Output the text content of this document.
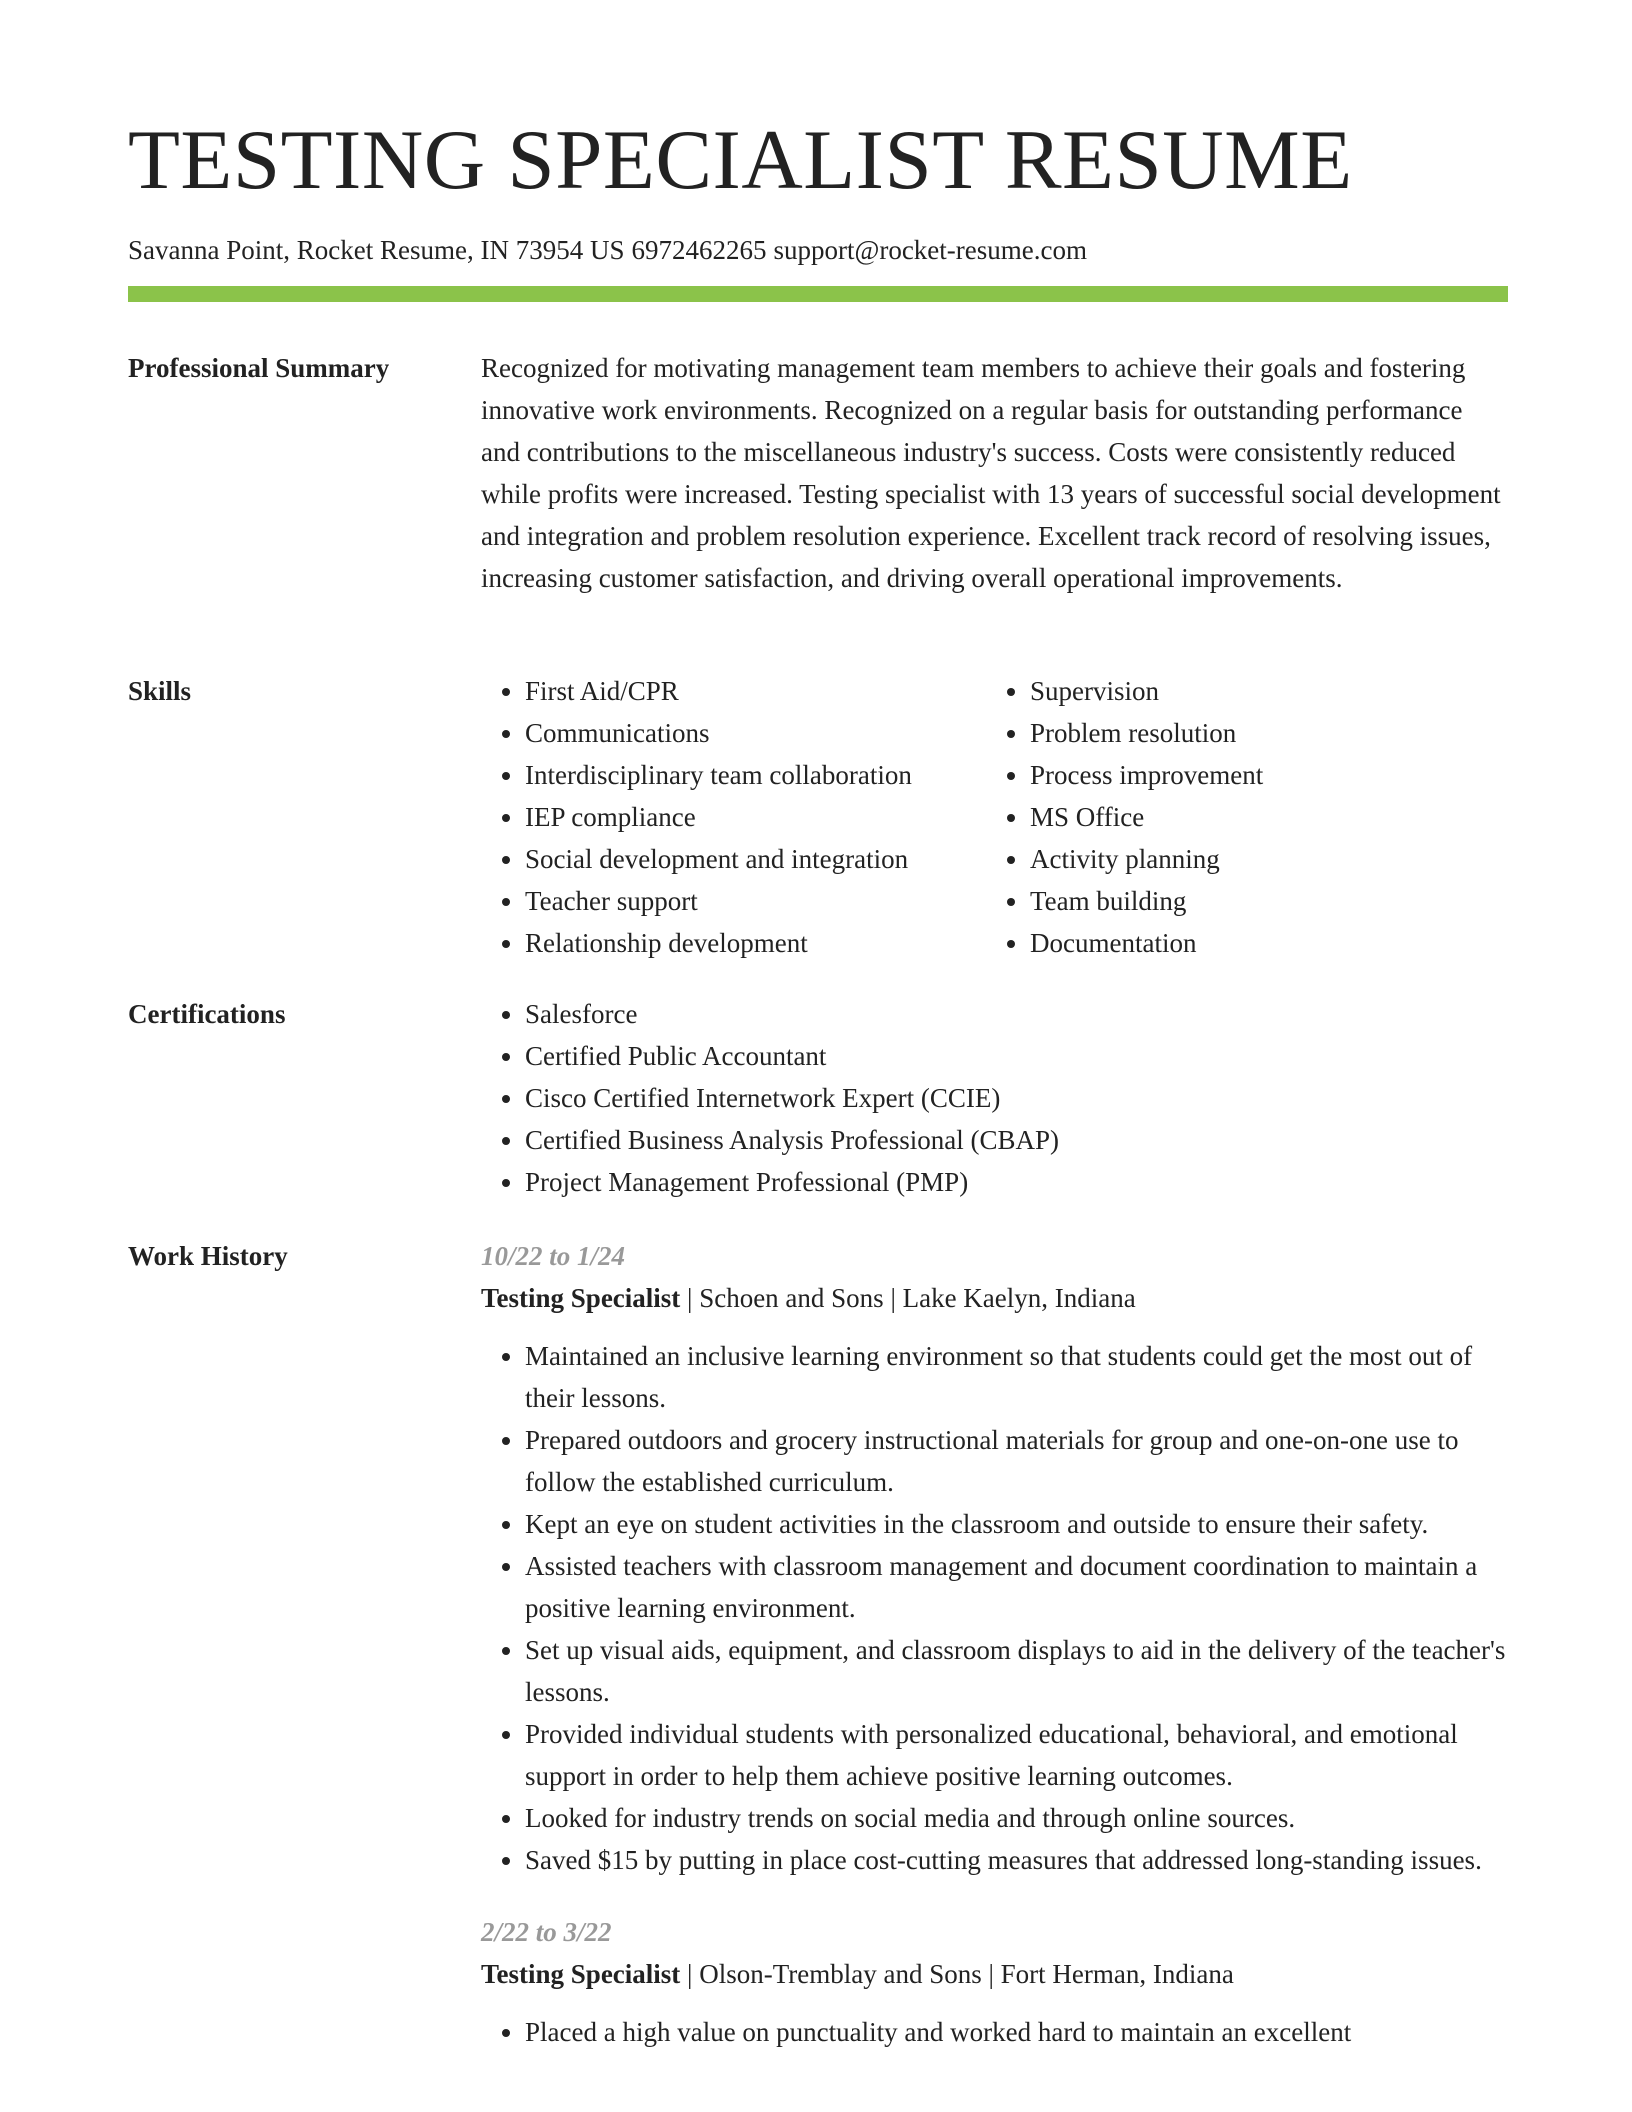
TESTING SPECIALIST RESUME
Savanna Point, Rocket Resume, IN 73954 US 6972462265 support@rocket-resume.com
Professional Summary	Recognized for motivating management team members to achieve their goals and fostering innovative work environments. Recognized on a regular basis for outstanding performance and contributions to the miscellaneous industry's success. Costs were consistently reduced while profits were increased. Testing specialist with 13 years of successful social development and integration and problem resolution experience. Excellent track record of resolving issues, increasing customer satisfaction, and driving overall operational improvements.

Skills	• First Aid/CPR
• Communications
• Interdisciplinary team collaboration
• IEP compliance
• Social development and integration
• Teacher support
• Relationship development
• Supervision
• Problem resolution
• Process improvement
• MS Office
• Activity planning
• Team building
• Documentation
Certifications	• Salesforce
• Certified Public Accountant
• Cisco Certified Internetwork Expert (CCIE)
• Certified Business Analysis Professional (CBAP)
• Project Management Professional (PMP)
Work History	10/22 to 1/24
Testing Specialist | Schoen and Sons | Lake Kaelyn, Indiana
• Maintained an inclusive learning environment so that students could get the most out of their lessons.
• Prepared outdoors and grocery instructional materials for group and one-on-one use to follow the established curriculum.
• Kept an eye on student activities in the classroom and outside to ensure their safety.
• Assisted teachers with classroom management and document coordination to maintain a positive learning environment.
• Set up visual aids, equipment, and classroom displays to aid in the delivery of the teacher's lessons.
• Provided individual students with personalized educational, behavioral, and emotional support in order to help them achieve positive learning outcomes.
• Looked for industry trends on social media and through online sources.
• Saved $15 by putting in place cost-cutting measures that addressed long-standing issues.
2/22 to 3/22
Testing Specialist | Olson-Tremblay and Sons | Fort Herman, Indiana
• Placed a high value on punctuality and worked hard to maintain an excellent
